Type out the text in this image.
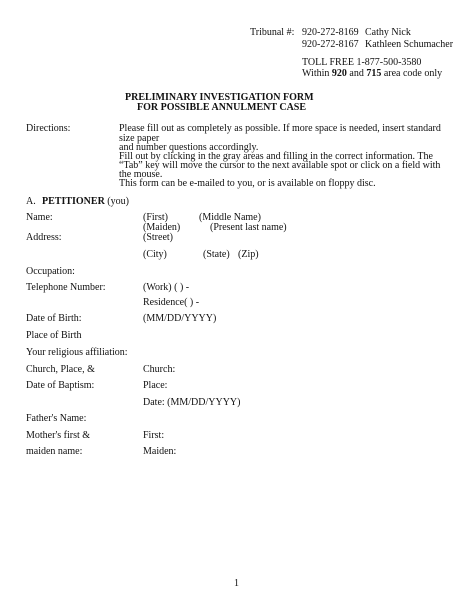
Tribunal #: 920-272-8169 Cathy Nick
920-272-8167 Kathleen Schumacher
TOLL FREE 1-877-500-3580
Within 920 and 715 area code only
PRELIMINARY INVESTIGATION FORM
FOR POSSIBLE ANNULMENT CASE
Directions:	Please fill out as completely as possible. If more space is needed, insert standard
size paper
and number questions accordingly.
Fill out by clicking in the gray areas and filling in the correct information. The
“Tab” key will move the cursor to the next available spot or click on a field with
the mouse.
This form can be e-mailed to you, or is available on floppy disc.
A. PETITIONER (you)
Name:	(First)	(Middle Name)
(Maiden)	(Present last name)
Address:	(Street)
(City)	(State) (Zip)
Occupation:
Telephone Number:	(Work) ( ) -
Residence( ) -
Date of Birth:	(MM/DD/YYYY)
Place of Birth
Your religious affiliation:
Church, Place, &	Church:
Date of Baptism:	Place:
Date: (MM/DD/YYYY)
Father's Name:
Mother's first &	First:
maiden name:	Maiden:
1
